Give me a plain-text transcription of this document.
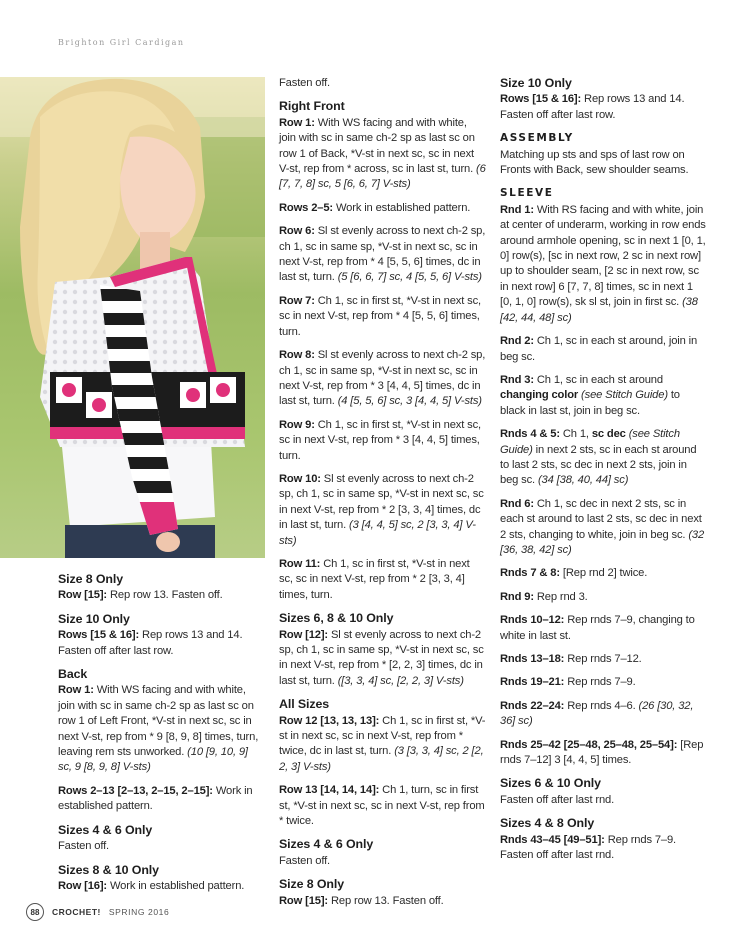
Brighton Girl Cardigan
Size 8 Only
Row [15]: Rep row 13. Fasten off.
Size 10 Only
Rows [15 & 16]: Rep rows 13 and 14. Fasten off after last row.
Back
Row 1: With WS facing and with white, join with sc in same ch-2 sp as last sc on row 1 of Left Front, *V-st in next sc, sc in next V-st, rep from * 9 [8, 9, 8] times, turn, leaving rem sts unworked. (10 [9, 10, 9] sc, 9 [8, 9, 8] V-sts)
Rows 2–13 [2–13, 2–15, 2–15]: Work in established pattern.
Sizes 4 & 6 Only
Fasten off.
Sizes 8 & 10 Only
Row [16]: Work in established pattern.
Fasten off.
Right Front
Row 1: With WS facing and with white, join with sc in same ch-2 sp as last sc on row 1 of Back, *V-st in next sc, sc in next V-st, rep from * across, sc in last st, turn. (6 [7, 7, 8] sc, 5 [6, 6, 7] V-sts)
Rows 2–5: Work in established pattern.
Row 6: Sl st evenly across to next ch-2 sp, ch 1, sc in same sp, *V-st in next sc, sc in next V-st, rep from * 4 [5, 5, 6] times, dc in last st, turn. (5 [6, 6, 7] sc, 4 [5, 5, 6] V-sts)
Row 7: Ch 1, sc in first st, *V-st in next sc, sc in next V-st, rep from * 4 [5, 5, 6] times, turn.
Row 8: Sl st evenly across to next ch-2 sp, ch 1, sc in same sp, *V-st in next sc, sc in next V-st, rep from * 3 [4, 4, 5] times, dc in last st, turn. (4 [5, 5, 6] sc, 3 [4, 4, 5] V-sts)
Row 9: Ch 1, sc in first st, *V-st in next sc, sc in next V-st, rep from * 3 [4, 4, 5] times, turn.
Row 10: Sl st evenly across to next ch-2 sp, ch 1, sc in same sp, *V-st in next sc, sc in next V-st, rep from * 2 [3, 3, 4] times, dc in last st, turn. (3 [4, 4, 5] sc, 2 [3, 3, 4] V-sts)
Row 11: Ch 1, sc in first st, *V-st in next sc, sc in next V-st, rep from * 2 [3, 3, 4] times, turn.
Sizes 6, 8 & 10 Only
Row [12]: Sl st evenly across to next ch-2 sp, ch 1, sc in same sp, *V-st in next sc, sc in next V-st, rep from * [2, 2, 3] times, dc in last st, turn. ([3, 3, 4] sc, [2, 2, 3] V-sts)
All Sizes
Row 12 [13, 13, 13]: Ch 1, sc in first st, *V-st in next sc, sc in next V-st, rep from * twice, dc in last st, turn. (3 [3, 3, 4] sc, 2 [2, 2, 3] V-sts)
Row 13 [14, 14, 14]: Ch 1, turn, sc in first st, *V-st in next sc, sc in next V-st, rep from * twice.
Sizes 4 & 6 Only
Fasten off.
Size 8 Only
Row [15]: Rep row 13. Fasten off.
Size 10 Only
Rows [15 & 16]: Rep rows 13 and 14. Fasten off after last row.
ASSEMBLY
Matching up sts and sps of last row on Fronts with Back, sew shoulder seams.
SLEEVE
Rnd 1: With RS facing and with white, join at center of underarm, working in row ends around armhole opening, sc in next 1 [0, 1, 0] row(s), [sc in next row, 2 sc in next row] up to shoulder seam, [2 sc in next row, sc in next row] 6 [7, 7, 8] times, sc in next 1 [0, 1, 0] row(s), sk sl st, join in first sc. (38 [42, 44, 48] sc)
Rnd 2: Ch 1, sc in each st around, join in beg sc.
Rnd 3: Ch 1, sc in each st around changing color (see Stitch Guide) to black in last st, join in beg sc.
Rnds 4 & 5: Ch 1, sc dec (see Stitch Guide) in next 2 sts, sc in each st around to last 2 sts, sc dec in next 2 sts, join in beg sc. (34 [38, 40, 44] sc)
Rnd 6: Ch 1, sc dec in next 2 sts, sc in each st around to last 2 sts, sc dec in next 2 sts, changing to white, join in beg sc. (32 [36, 38, 42] sc)
Rnds 7 & 8: [Rep rnd 2] twice.
Rnd 9: Rep rnd 3.
Rnds 10–12: Rep rnds 7–9, changing to white in last st.
Rnds 13–18: Rep rnds 7–12.
Rnds 19–21: Rep rnds 7–9.
Rnds 22–24: Rep rnds 4–6. (26 [30, 32, 36] sc)
Rnds 25–42 [25–48, 25–48, 25–54]: [Rep rnds 7–12] 3 [4, 4, 5] times.
Sizes 6 & 10 Only
Fasten off after last rnd.
Sizes 4 & 8 Only
Rnds 43–45 [49–51]: Rep rnds 7–9. Fasten off after last rnd.
88	CROCHET! SPRING 2016
